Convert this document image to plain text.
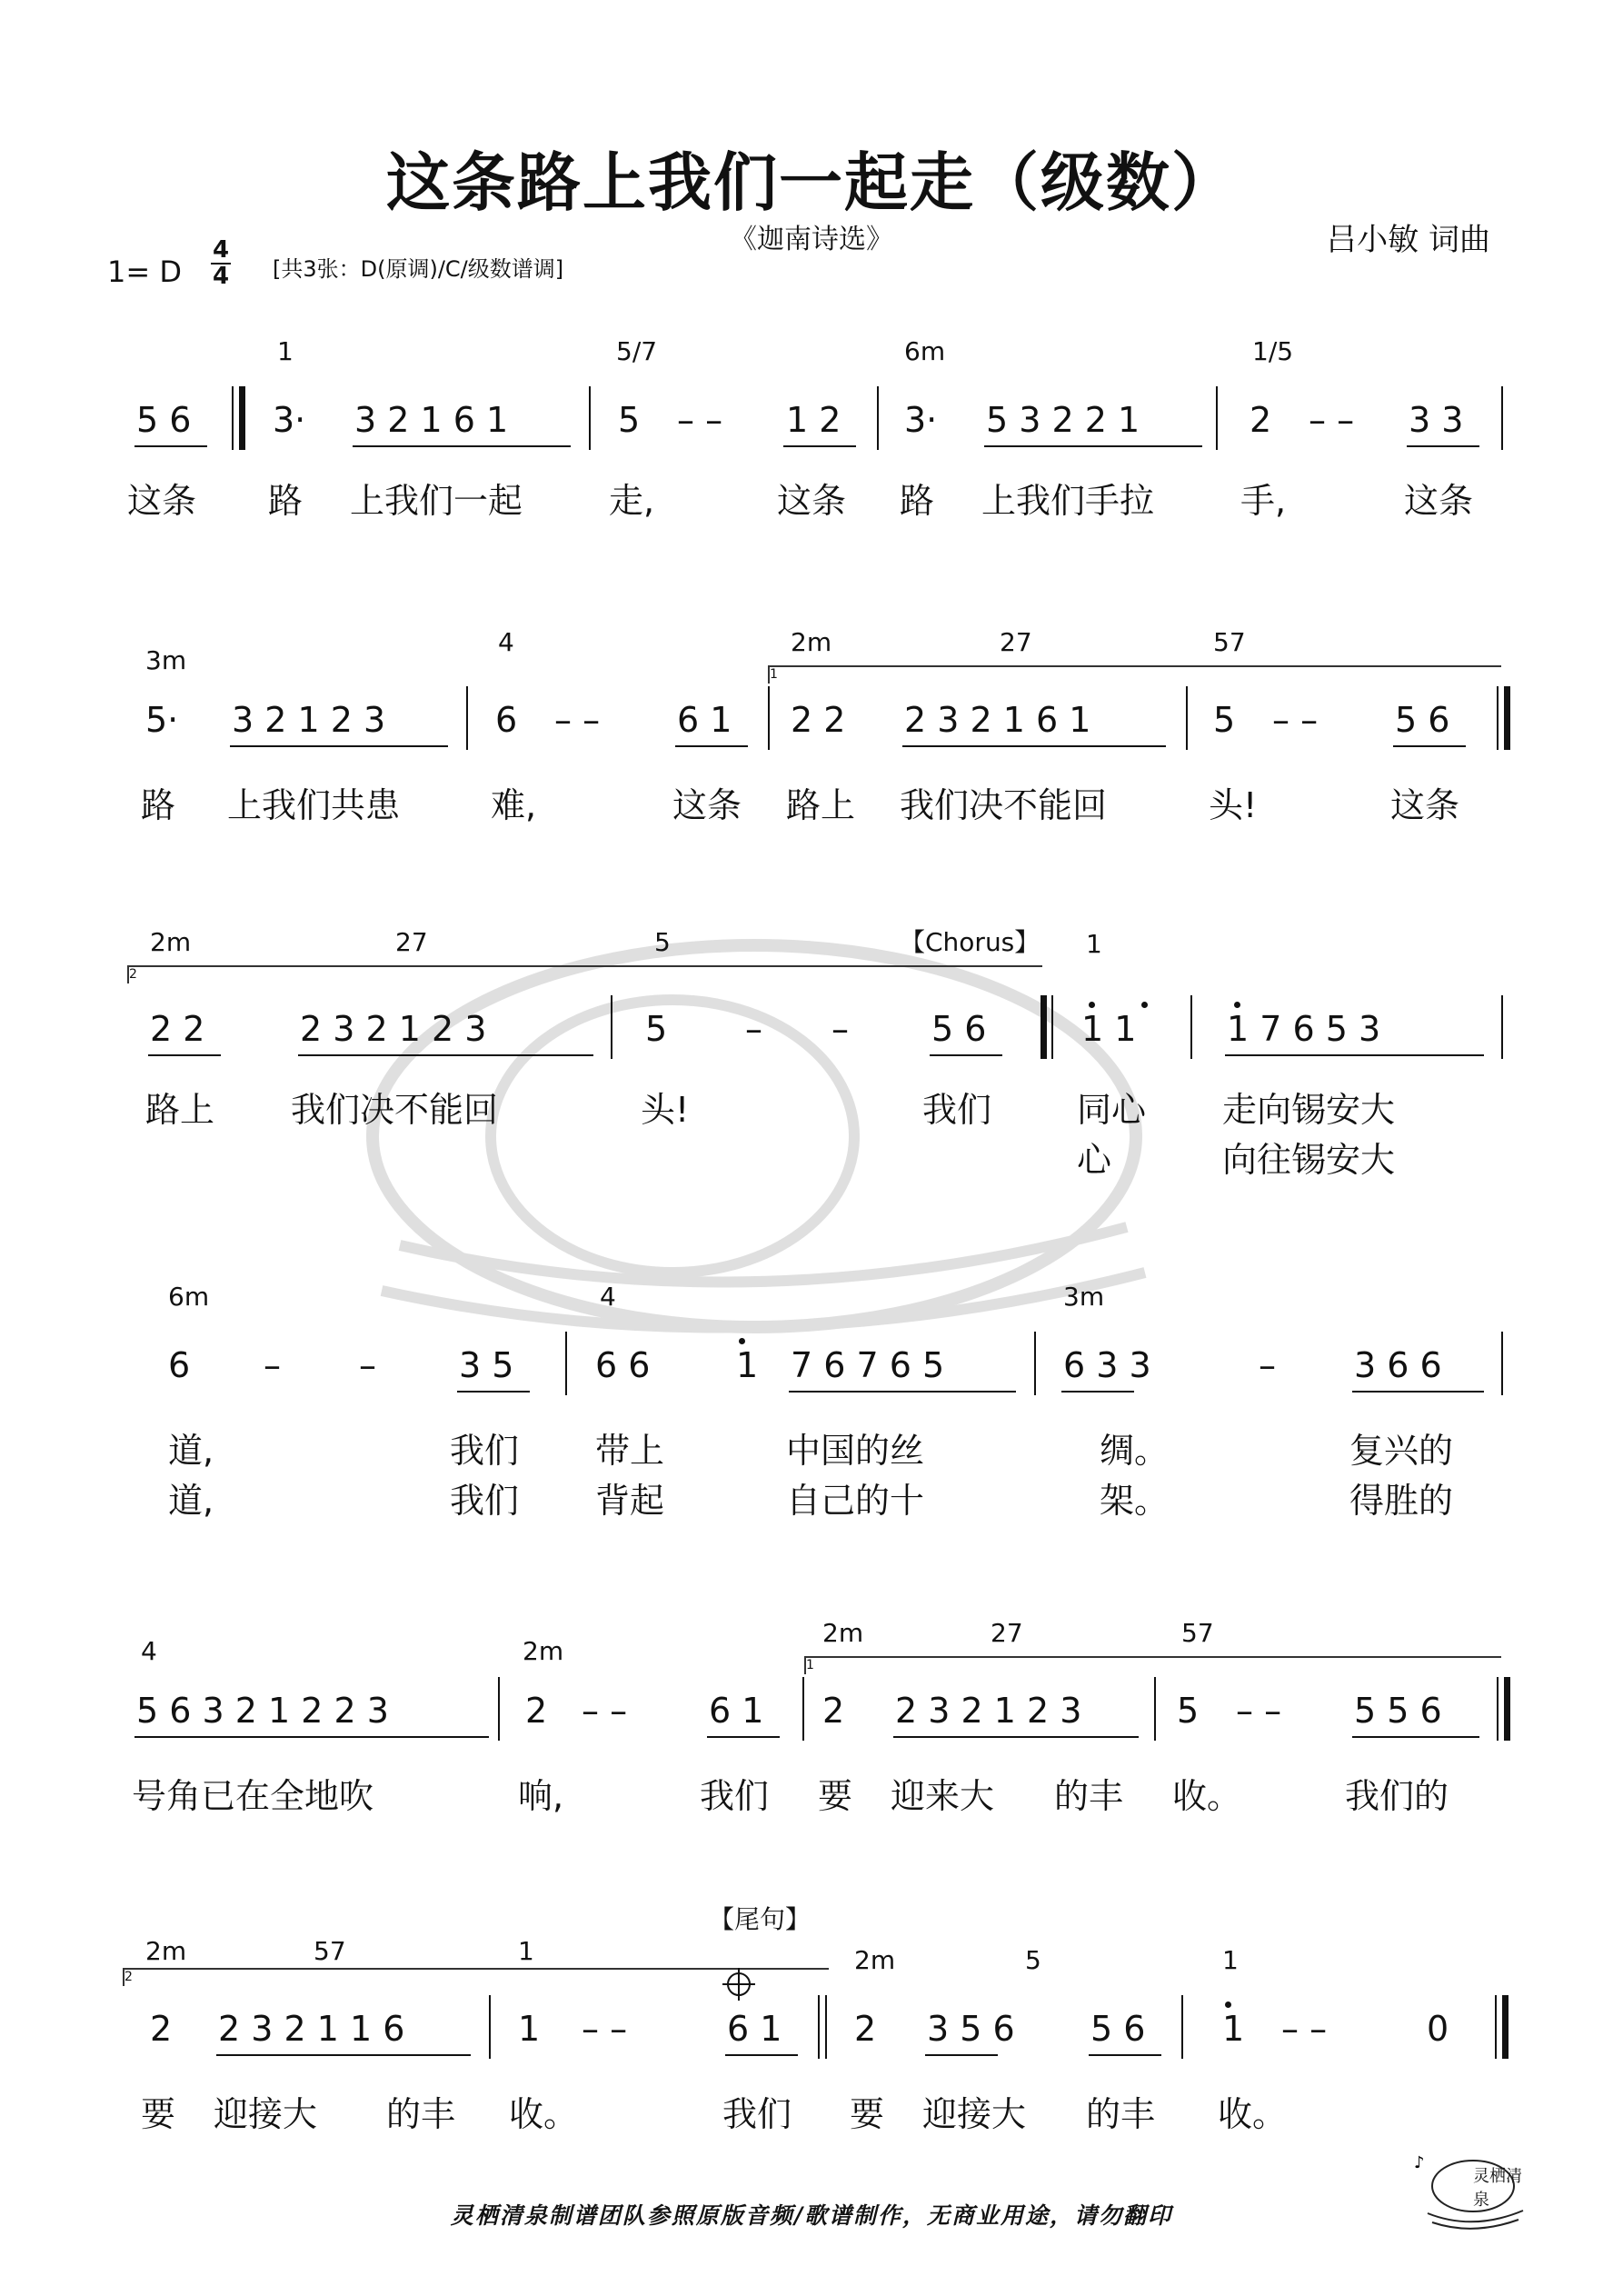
这条路上我们一起走（级数）
《迦南诗选》	吕小敏 词曲
1= D $\frac{4}{4}$ [共3张：D(原调)/C/级数谱调]
1	5/7	6m	1/5
5 6 3· 3 2 1 6 1	5 – – 1 2 3· 5 3 2 2 1	2 – – 3 3
这条 路 上我们一起 走,	这条 路 上我们手拉 手,	这条
3m
4	2m	27	57
1
5· 3 2 1 2 3	6 – – 6 1 2 2 2 3 2 1 6 1	5 – – 5 6
路 上我们共患	难,	这条 路上 我们决不能回	头!	这条
2m	27	5	【Chorus】 1
2
2 2	2 3 2 1 2 3	5 – – 5 6	1 1	1 7 6 5 3
路上 我们决不能回	头!	我们 同心 走向锡安大
心	向往锡安大
6m	4	3m
6 – – 3 5 6 6 1 7 6 7 6 5	6 3 3	– 3 6 6
道,	我们 带上	中国的丝	绸。	复兴的
道,	我们 背起	自己的十	架。	得胜的
4	2m
2m	27	57
1
5 6 3 2 1 2 2 3	2 – – 6 1 2 2 3 2 1 2 3	5 – – 5 5 6
号角已在全地吹	响,	我们 要 迎来大 的丰 收。	我们的
【尾句】
2m	57	1	2m	5	1
2
2 2 3 2 1 1 6	1 – –	6 1 2 3 5 6 5 6 1 – –	0
要 迎接大 的丰 收。	我们 要 迎接大 的丰 收。
灵栖清泉制谱团队参照原版音频/歌谱制作，无商业用途，请勿翻印
♪
灵栖清泉
